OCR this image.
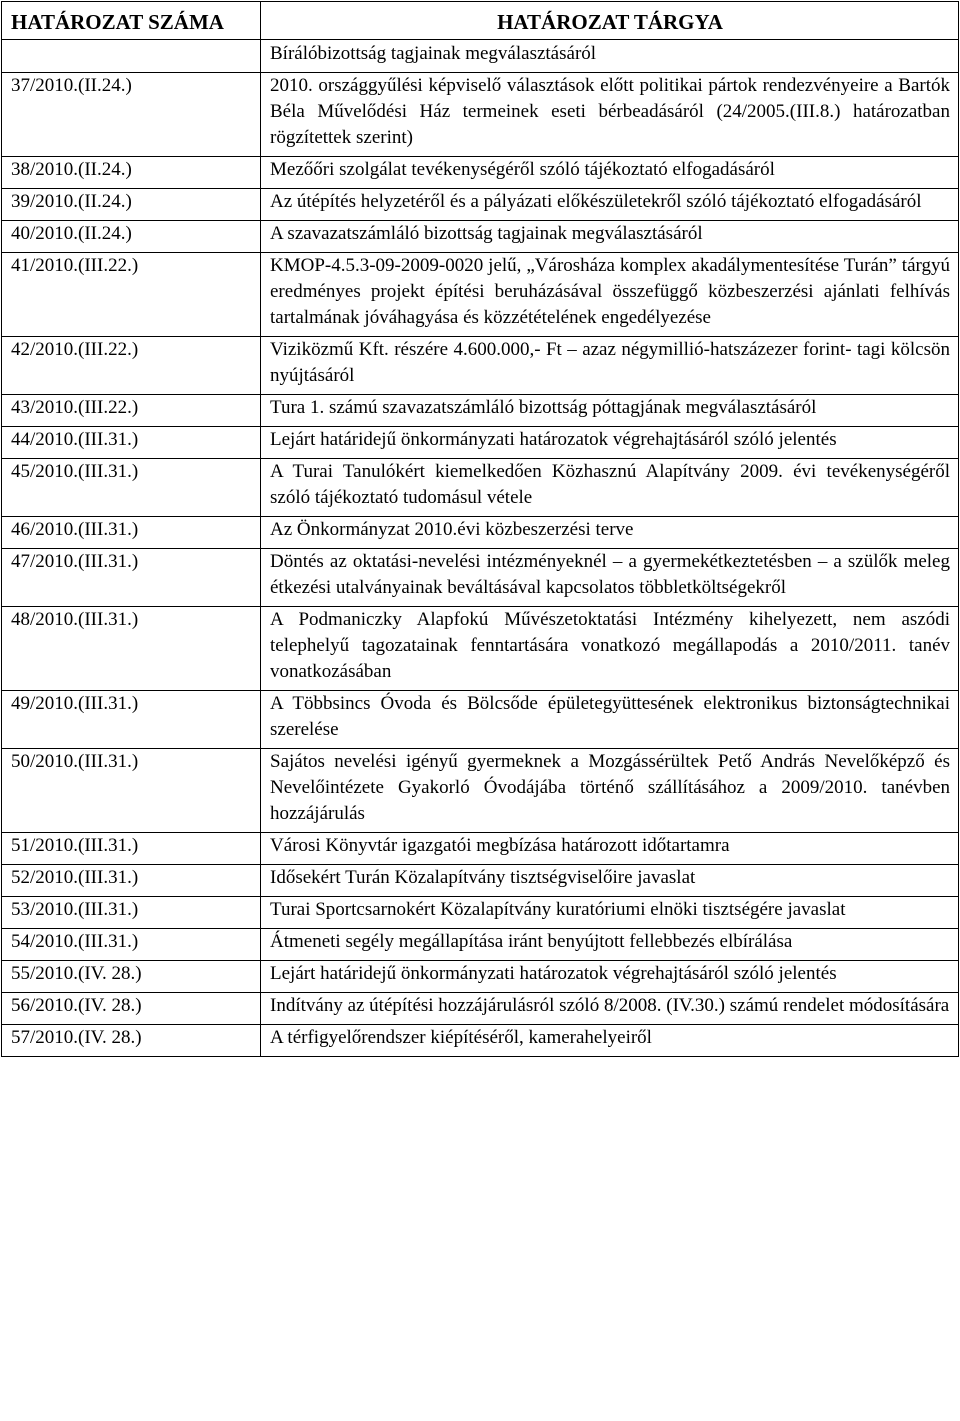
HATÁROZAT SZÁMA	HATÁROZAT TÁRGYA
	Bírálóbizottság tagjainak megválasztásáról
37/2010.(II.24.)	2010. országgyűlési képviselő választások előtt politikai pártok rendezvényeire a Bartók Béla Művelődési Ház termeinek eseti bérbeadásáról (24/2005.(III.8.) határozatban rögzítettek szerint)
38/2010.(II.24.)	Mezőőri szolgálat tevékenységéről szóló tájékoztató elfogadásáról
39/2010.(II.24.)	Az útépítés helyzetéről és a pályázati előkészületekről szóló tájékoztató elfogadásáról
40/2010.(II.24.)	A szavazatszámláló bizottság tagjainak megválasztásáról
41/2010.(III.22.)	KMOP-4.5.3-09-2009-0020 jelű, „Városháza komplex akadálymentesítése Turán” tárgyú eredményes projekt építési beruházásával összefüggő közbeszerzési ajánlati felhívás tartalmának jóváhagyása és közzétételének engedélyezése
42/2010.(III.22.)	Viziközmű Kft. részére 4.600.000,- Ft – azaz négymillió-hatszázezer forint- tagi kölcsön nyújtásáról
43/2010.(III.22.)	Tura 1. számú szavazatszámláló bizottság póttagjának megválasztásáról
44/2010.(III.31.)	Lejárt határidejű önkormányzati határozatok végrehajtásáról szóló jelentés
45/2010.(III.31.)	A Turai Tanulókért kiemelkedően Közhasznú Alapítvány 2009. évi tevékenységéről szóló tájékoztató tudomásul vétele
46/2010.(III.31.)	Az Önkormányzat 2010.évi közbeszerzési terve
47/2010.(III.31.)	Döntés az oktatási-nevelési intézményeknél – a gyermekétkeztetésben – a szülők meleg étkezési utalványainak beváltásával kapcsolatos többletköltségekről
48/2010.(III.31.)	A Podmaniczky Alapfokú Művészetoktatási Intézmény kihelyezett, nem aszódi telephelyű tagozatainak fenntartására vonatkozó megállapodás a 2010/2011. tanév vonatkozásában
49/2010.(III.31.)	A Többsincs Óvoda és Bölcsőde épületegyüttesének elektronikus biztonságtechnikai szerelése
50/2010.(III.31.)	Sajátos nevelési igényű gyermeknek a Mozgássérültek Pető András Nevelőképző és Nevelőintézete Gyakorló Óvodájába történő szállításához a 2009/2010. tanévben hozzájárulás
51/2010.(III.31.)	Városi Könyvtár igazgatói megbízása határozott időtartamra
52/2010.(III.31.)	Idősekért Turán Közalapítvány tisztségviselőire javaslat
53/2010.(III.31.)	Turai Sportcsarnokért Közalapítvány kuratóriumi elnöki tisztségére javaslat
54/2010.(III.31.)	Átmeneti segély megállapítása iránt benyújtott fellebbezés elbírálása
55/2010.(IV. 28.)	Lejárt határidejű önkormányzati határozatok végrehajtásáról szóló jelentés
56/2010.(IV. 28.)	Indítvány az útépítési hozzájárulásról szóló 8/2008. (IV.30.) számú rendelet módosítására
57/2010.(IV. 28.)	A térfigyelőrendszer kiépítéséről, kamerahelyeiről
